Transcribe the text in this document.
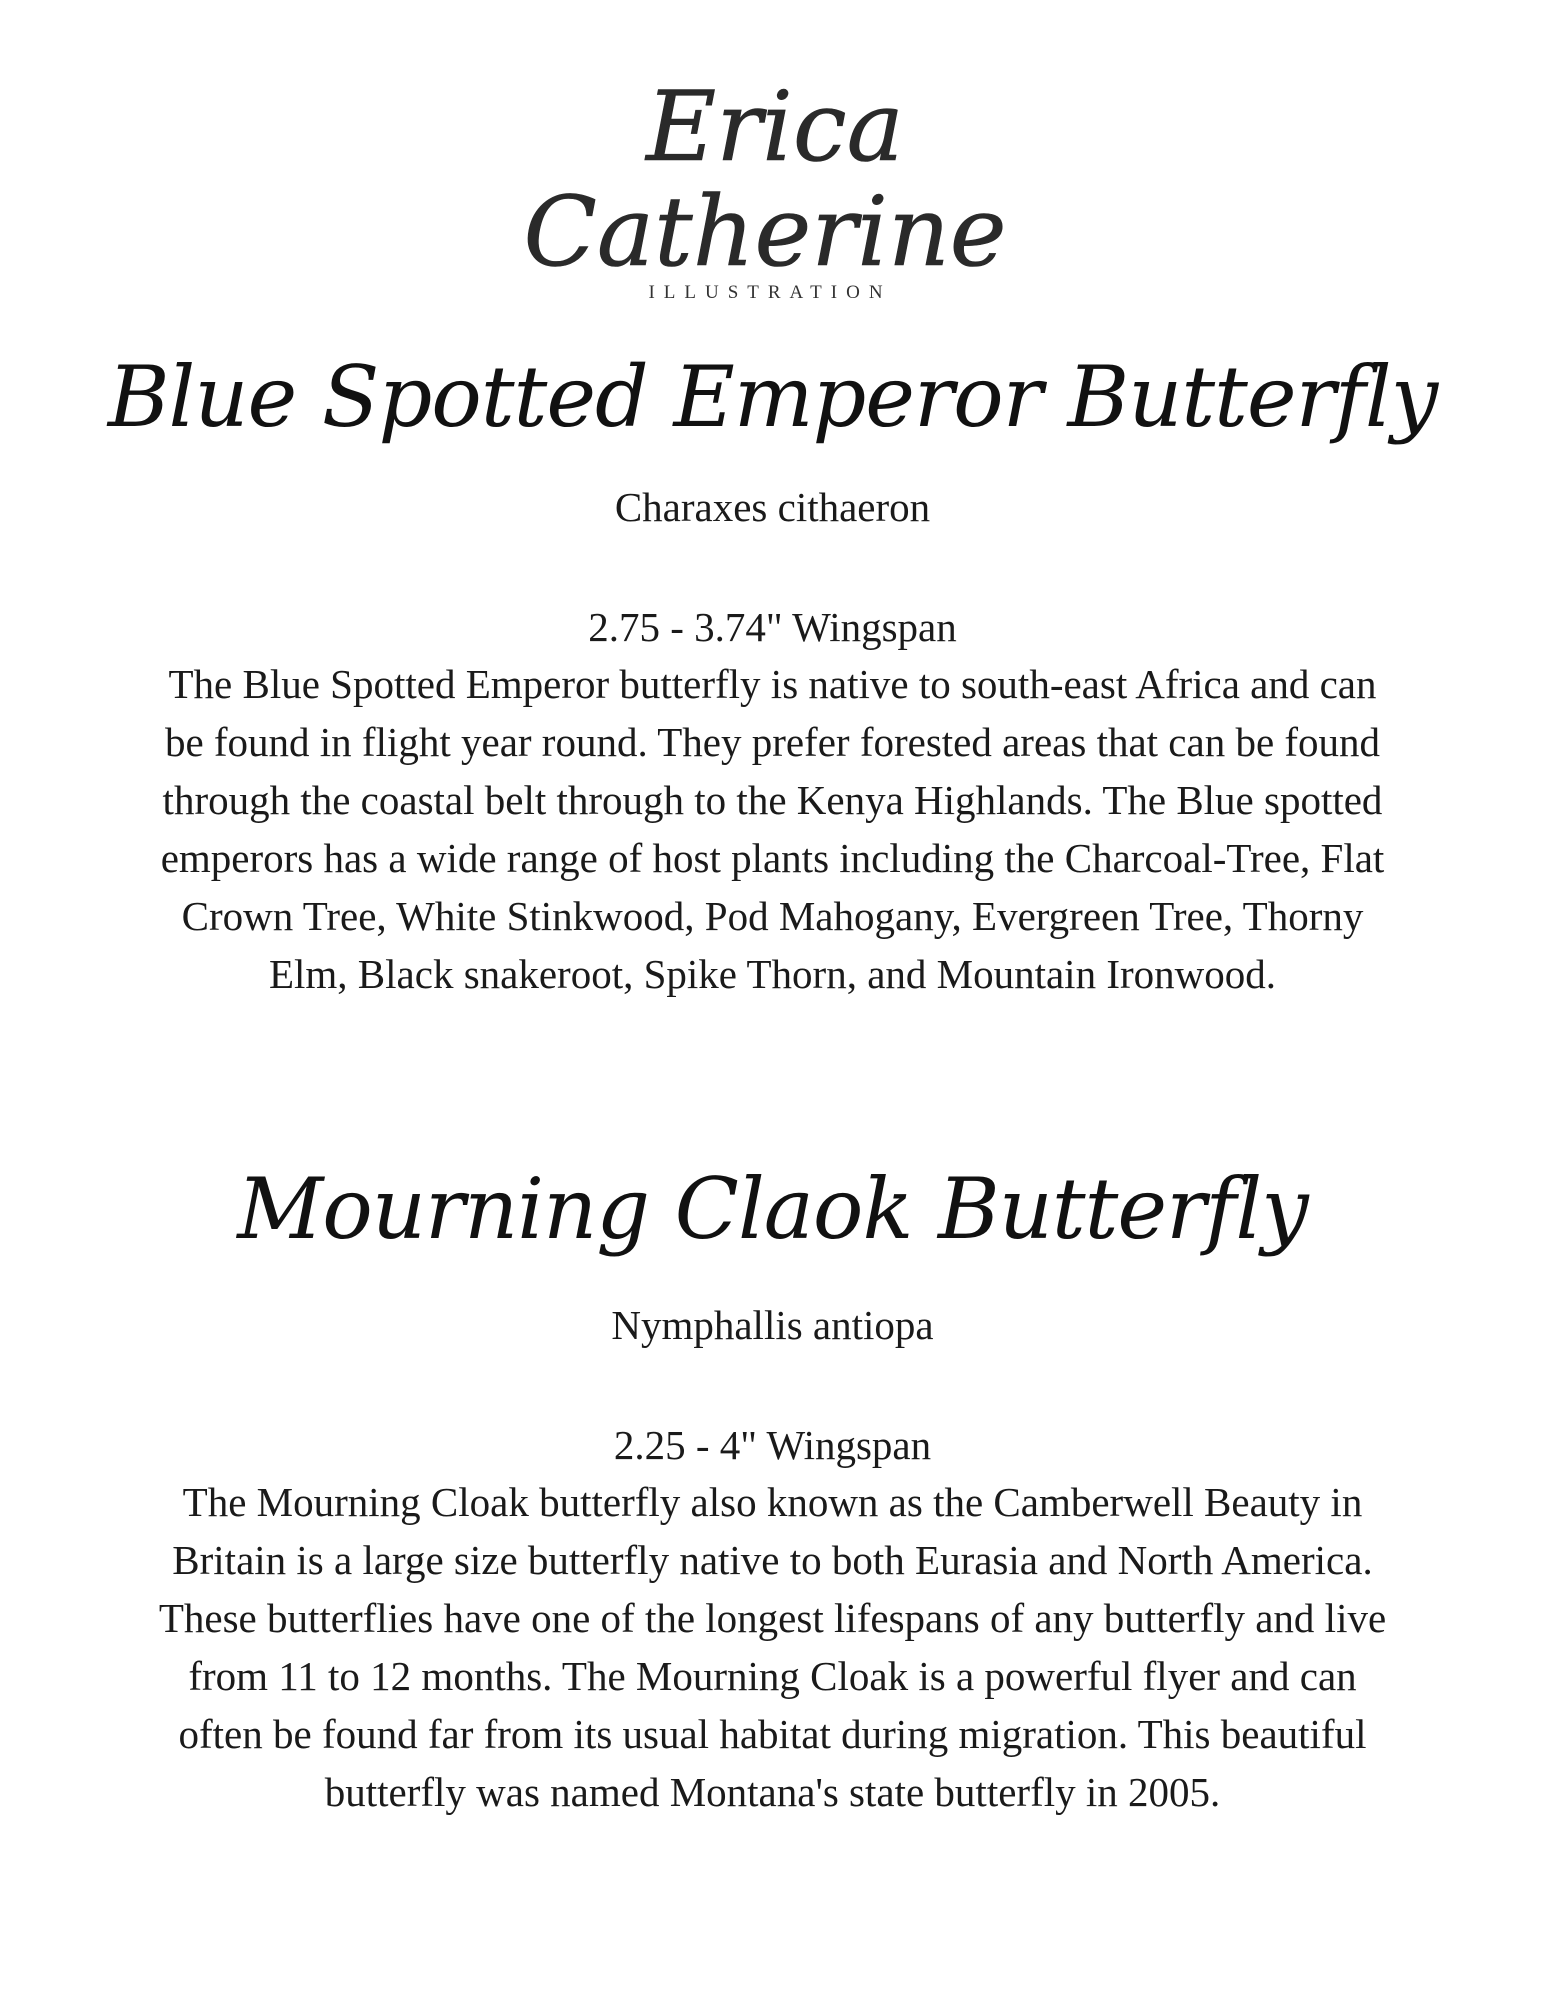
Erica
Catherine
ILLUSTRATION
Blue Spotted Emperor Butterfly

Charaxes cithaeron

2.75 - 3.74" Wingspan

The Blue Spotted Emperor butterfly is native to south-east Africa and can be found in flight year round. They prefer forested areas that can be found through the coastal belt through to the Kenya Highlands. The Blue spotted emperors has a wide range of host plants including the Charcoal-Tree, Flat Crown Tree, White Stinkwood, Pod Mahogany, Evergreen Tree, Thorny Elm, Black snakeroot, Spike Thorn, and Mountain Ironwood.

Mourning Claok Butterfly

Nymphallis antiopa

2.25 - 4" Wingspan

The Mourning Cloak butterfly also known as the Camberwell Beauty in Britain is a large size butterfly native to both Eurasia and North America. These butterflies have one of the longest lifespans of any butterfly and live from 11 to 12 months. The Mourning Cloak is a powerful flyer and can often be found far from its usual habitat during migration. This beautiful butterfly was named Montana's state butterfly in 2005.
